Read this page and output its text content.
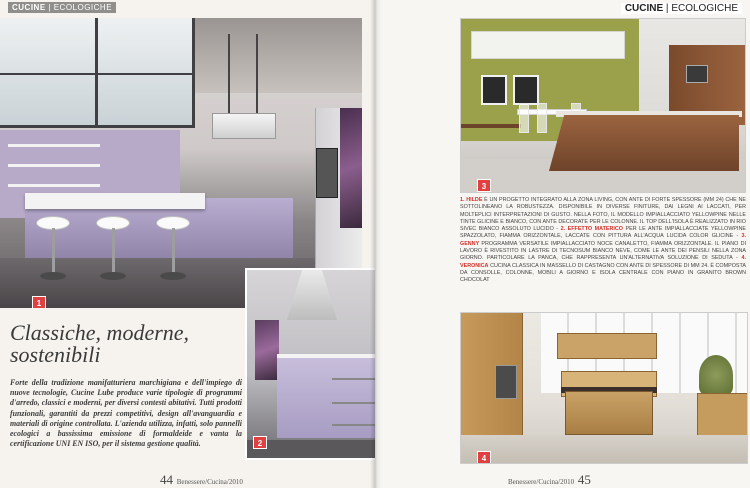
1
CUCINE | ECOLOGICHE
Classiche, moderne,
sostenibili
Forte della tradizione manifatturiera marchigiana e dell'impiego di nuove tecnologie, Cucine Lube produce varie tipologie di programmi d'arredo, classici e moderni, per diversi contesti abitativi. Tutti prodotti funzionali, garantiti da prezzi competitivi, design all'avanguardia e materiali di origine controllata. L'azienda utilizza, infatti, solo pannelli ecologici a bassissima emissione di formaldeide e vanta la certificazione UNI EN ISO, per il sistema gestione qualità.
44 Benessere/Cucina/2010
2
CUCINE | ECOLOGICHE
Benessere/Cucina/2010 45
3
1. HILDE È UN PROGETTO INTEGRATO ALLA ZONA LIVING, CON ANTE DI FORTE SPESSORE (MM 24) CHE NE SOTTOLINEANO LA ROBUSTEZZA. DISPONIBILE IN DIVERSE FINITURE, DAI LEGNI AI LACCATI, PER MOLTEPLICI INTERPRETAZIONI DI GUSTO. NELLA FOTO, IL MODELLO IMPIALLACCIATO YELLOWPINE NELLE TINTE GLICINE E BIANCO, CON ANTE DECORATE PER LE COLONNE. IL TOP DELL'ISOLA È REALIZZATO IN RIO SIVEC BIANCO ASSOLUTO LUCIDO - 2. EFFETTO MATERICO PER LE ANTE IMPIALLACCIATE YELLOWPINE SPAZZOLATO, FIAMMA ORIZZONTALE, LACCATE CON PITTURA ALL'ACQUA LUCIDA COLOR GLICINE - 3. GENNY PROGRAMMA VERSATILE IMPIALLACCIATO NOCE CANALETTO, FIAMMA ORIZZONTALE. IL PIANO DI LAVORO È RIVESTITO IN LASTRE DI TECNOSUM BIANCO NEVE, COME LE ANTE DEI PENSILI NELLA ZONA GIORNO. PARTICOLARE LA PANCA, CHE RAPPRESENTA UN'ALTERNATIVA SOLUZIONE DI SEDUTA - 4. VERONICA CUCINA CLASSICA IN MASSELLO DI CASTAGNO CON ANTE DI SPESSORE DI MM 24. È COMPOSTA DA CONSOLLE, COLONNE, MOBILI A GIORNO E ISOLA CENTRALE CON PIANO IN GRANITO BROWN CHOCOLAT
4
